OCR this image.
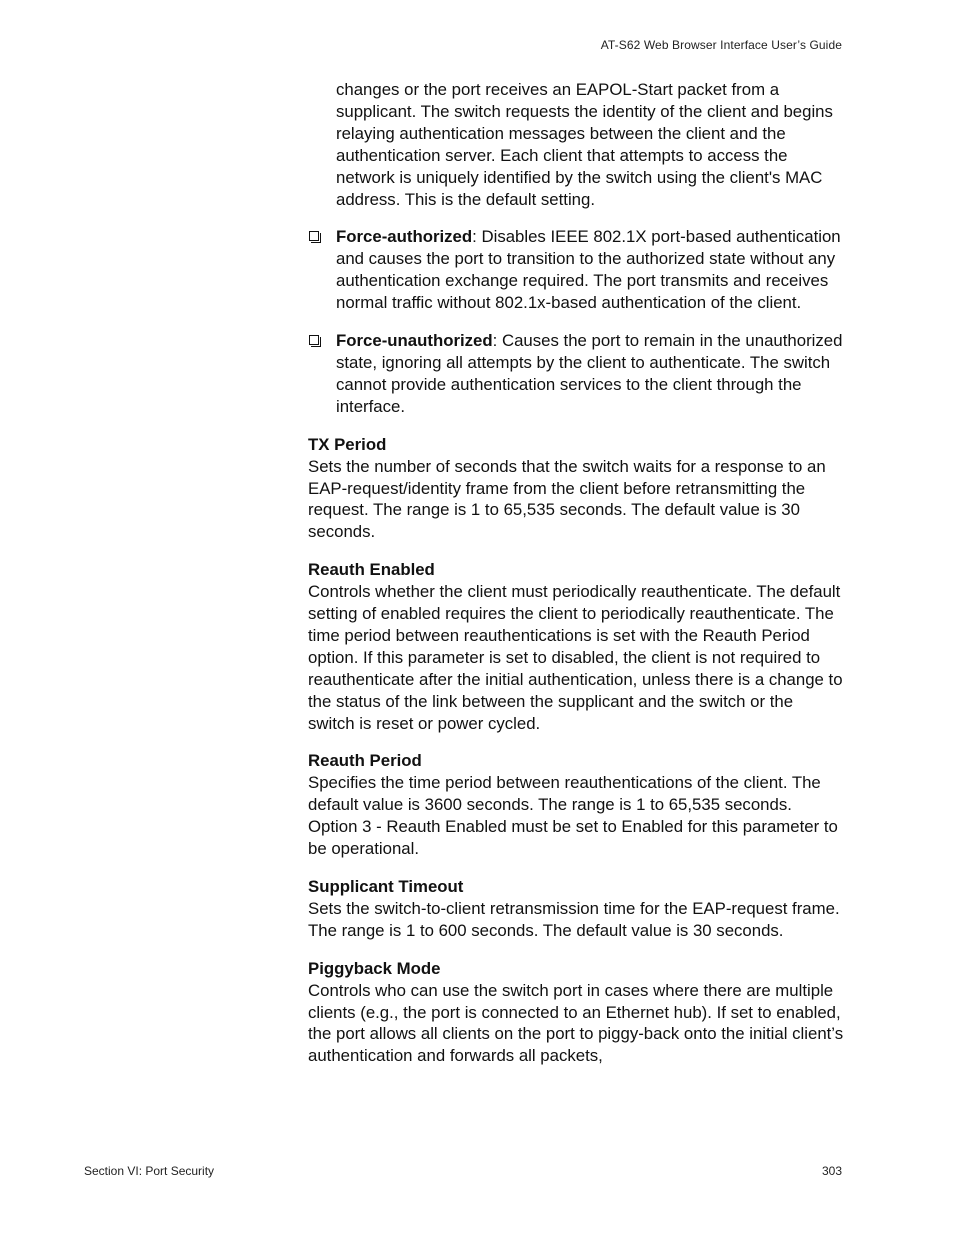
AT-S62 Web Browser Interface User’s Guide

changes or the port receives an EAPOL-Start packet from a supplicant. The switch requests the identity of the client and begins relaying authentication messages between the client and the authentication server. Each client that attempts to access the network is uniquely identified by the switch using the client's MAC address. This is the default setting.

Force-authorized: Disables IEEE 802.1X port-based authentication and causes the port to transition to the authorized state without any authentication exchange required. The port transmits and receives normal traffic without 802.1x-based authentication of the client.
Force-unauthorized: Causes the port to remain in the unauthorized state, ignoring all attempts by the client to authenticate. The switch cannot provide authentication services to the client through the interface.
TX Period

Sets the number of seconds that the switch waits for a response to an EAP-request/identity frame from the client before retransmitting the request. The range is 1 to 65,535 seconds. The default value is 30 seconds.

Reauth Enabled

Controls whether the client must periodically reauthenticate. The default setting of enabled requires the client to periodically reauthenticate. The time period between reauthentications is set with the Reauth Period option. If this parameter is set to disabled, the client is not required to reauthenticate after the initial authentication, unless there is a change to the status of the link between the supplicant and the switch or the switch is reset or power cycled.

Reauth Period

Specifies the time period between reauthentications of the client. The default value is 3600 seconds. The range is 1 to 65,535 seconds. Option 3 - Reauth Enabled must be set to Enabled for this parameter to be operational.

Supplicant Timeout

Sets the switch-to-client retransmission time for the EAP-request frame. The range is 1 to 600 seconds. The default value is 30 seconds.

Piggyback Mode

Controls who can use the switch port in cases where there are multiple clients (e.g., the port is connected to an Ethernet hub). If set to enabled, the port allows all clients on the port to piggy-back onto the initial client’s authentication and forwards all packets,

Section VI: Port Security	303
